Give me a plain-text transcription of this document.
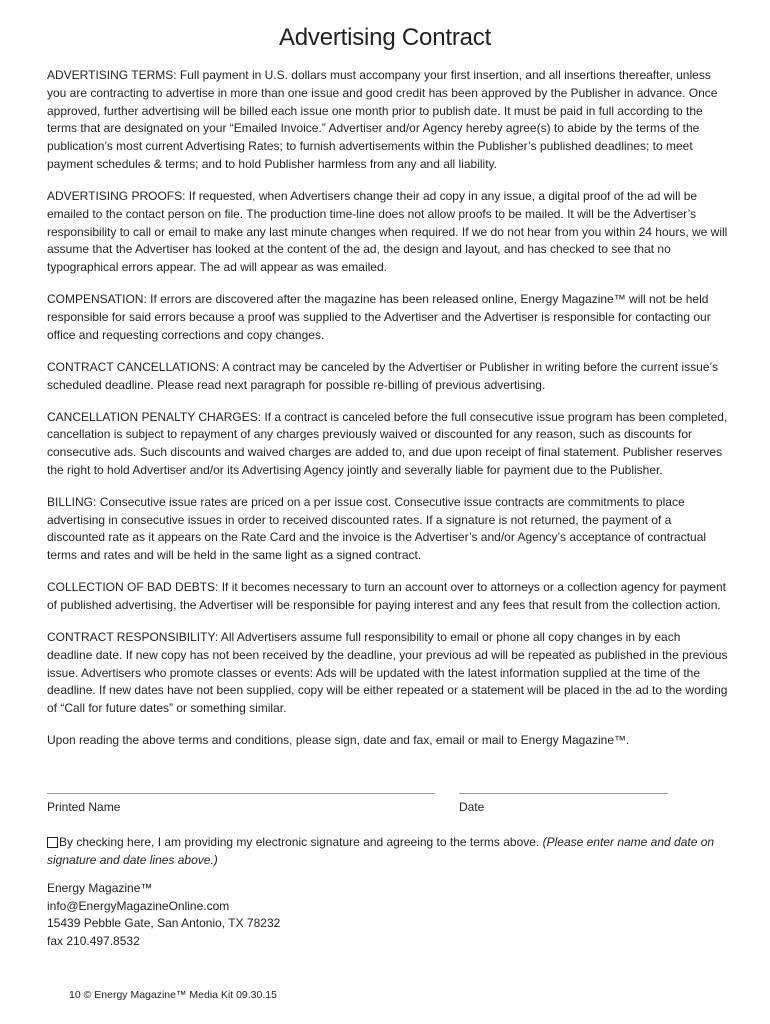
Advertising Contract

ADVERTISING TERMS: Full payment in U.S. dollars must accompany your first insertion, and all insertions thereafter, unless you are contracting to advertise in more than one issue and good credit has been approved by the Publisher in advance. Once approved, further advertising will be billed each issue one month prior to publish date. It must be paid in full according to the terms that are designated on your “Emailed Invoice.” Advertiser and/or Agency hereby agree(s) to abide by the terms of the publication’s most current Advertising Rates; to furnish advertisements within the Publisher’s published deadlines; to meet payment schedules & terms; and to hold Publisher harmless from any and all liability.

ADVERTISING PROOFS: If requested, when Advertisers change their ad copy in any issue, a digital proof of the ad will be emailed to the contact person on file. The production time-line does not allow proofs to be mailed. It will be the Advertiser’s responsibility to call or email to make any last minute changes when required. If we do not hear from you within 24 hours, we will assume that the Advertiser has looked at the content of the ad, the design and layout, and has checked to see that no typographical errors appear. The ad will appear as was emailed.

COMPENSATION: If errors are discovered after the magazine has been released online, Energy Magazine™ will not be held responsible for said errors because a proof was supplied to the Advertiser and the Advertiser is responsible for contacting our office and requesting corrections and copy changes.

CONTRACT CANCELLATIONS: A contract may be canceled by the Advertiser or Publisher in writing before the current issue’s scheduled deadline. Please read next paragraph for possible re-billing of previous advertising.

CANCELLATION PENALTY CHARGES: If a contract is canceled before the full consecutive issue program has been completed, cancellation is subject to repayment of any charges previously waived or discounted for any reason, such as discounts for consecutive ads. Such discounts and waived charges are added to, and due upon receipt of final statement. Publisher reserves the right to hold Advertiser and/or its Advertising Agency jointly and severally liable for payment due to the Publisher.

BILLING: Consecutive issue rates are priced on a per issue cost. Consecutive issue contracts are commitments to place advertising in consecutive issues in order to received discounted rates. If a signature is not returned, the payment of a discounted rate as it appears on the Rate Card and the invoice is the Advertiser’s and/or Agency’s acceptance of contractual terms and rates and will be held in the same light as a signed contract.

COLLECTION OF BAD DEBTS: If it becomes necessary to turn an account over to attorneys or a collection agency for payment of published advertising, the Advertiser will be responsible for paying interest and any fees that result from the collection action.

CONTRACT RESPONSIBILITY: All Advertisers assume full responsibility to email or phone all copy changes in by each deadline date. If new copy has not been received by the deadline, your previous ad will be repeated as published in the previous issue. Advertisers who promote classes or events: Ads will be updated with the latest information supplied at the time of the deadline. If new dates have not been supplied, copy will be either repeated or a statement will be placed in the ad to the wording of “Call for future dates” or something similar.

Upon reading the above terms and conditions, please sign, date and fax, email or mail to Energy Magazine™.

Printed Name	Date
By checking here, I am providing my electronic signature and agreeing to the terms above. (Please enter name and date on signature and date lines above.)
Energy Magazine™
info@EnergyMagazineOnline.com
15439 Pebble Gate, San Antonio, TX 78232
fax 210.497.8532
10 © Energy Magazine™ Media Kit 09.30.15
